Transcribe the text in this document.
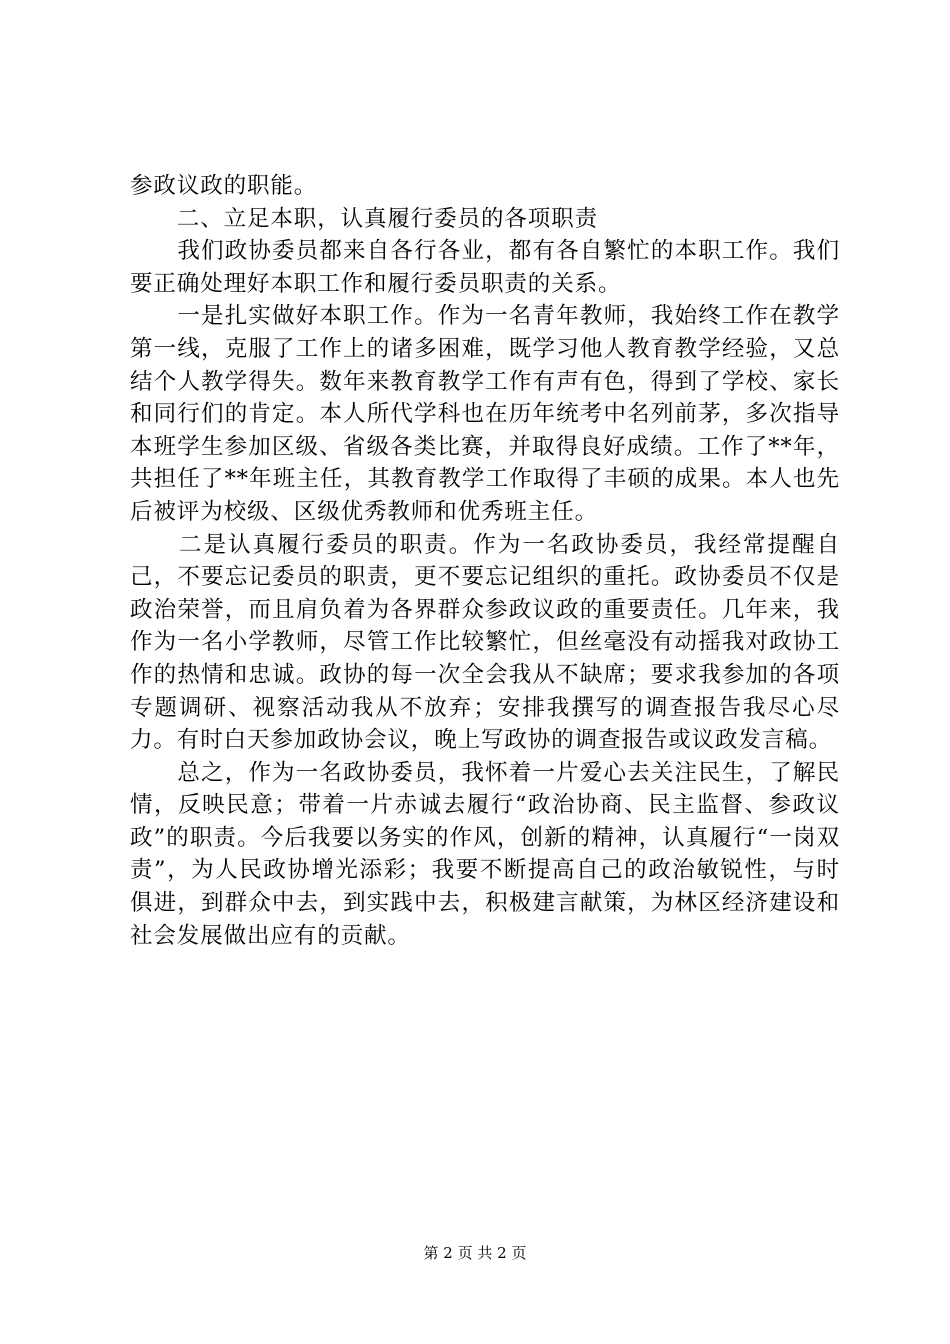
参政议政的职能。

　　二、立足本职，认真履行委员的各项职责

　　我们政协委员都来自各行各业，都有各自繁忙的本职工作。我们要正确处理好本职工作和履行委员职责的关系。

　　一是扎实做好本职工作。作为一名青年教师，我始终工作在教学第一线，克服了工作上的诸多困难，既学习他人教育教学经验，又总结个人教学得失。数年来教育教学工作有声有色，得到了学校、家长和同行们的肯定。本人所代学科也在历年统考中名列前茅，多次指导本班学生参加区级、省级各类比赛，并取得良好成绩。工作了**年，共担任了**年班主任，其教育教学工作取得了丰硕的成果。本人也先后被评为校级、区级优秀教师和优秀班主任。

　　二是认真履行委员的职责。作为一名政协委员，我经常提醒自己，不要忘记委员的职责，更不要忘记组织的重托。政协委员不仅是政治荣誉，而且肩负着为各界群众参政议政的重要责任。几年来，我作为一名小学教师，尽管工作比较繁忙，但丝毫没有动摇我对政协工作的热情和忠诚。政协的每一次全会我从不缺席；要求我参加的各项专题调研、视察活动我从不放弃；安排我撰写的调查报告我尽心尽力。有时白天参加政协会议，晚上写政协的调查报告或议政发言稿。

　　总之，作为一名政协委员，我怀着一片爱心去关注民生，了解民情，反映民意；带着一片赤诚去履行“政治协商、民主监督、参政议政”的职责。今后我要以务实的作风，创新的精神，认真履行“一岗双责”，为人民政协增光添彩；我要不断提高自己的政治敏锐性，与时俱进，到群众中去，到实践中去，积极建言献策，为林区经济建设和社会发展做出应有的贡献。

第 2 页 共 2 页
